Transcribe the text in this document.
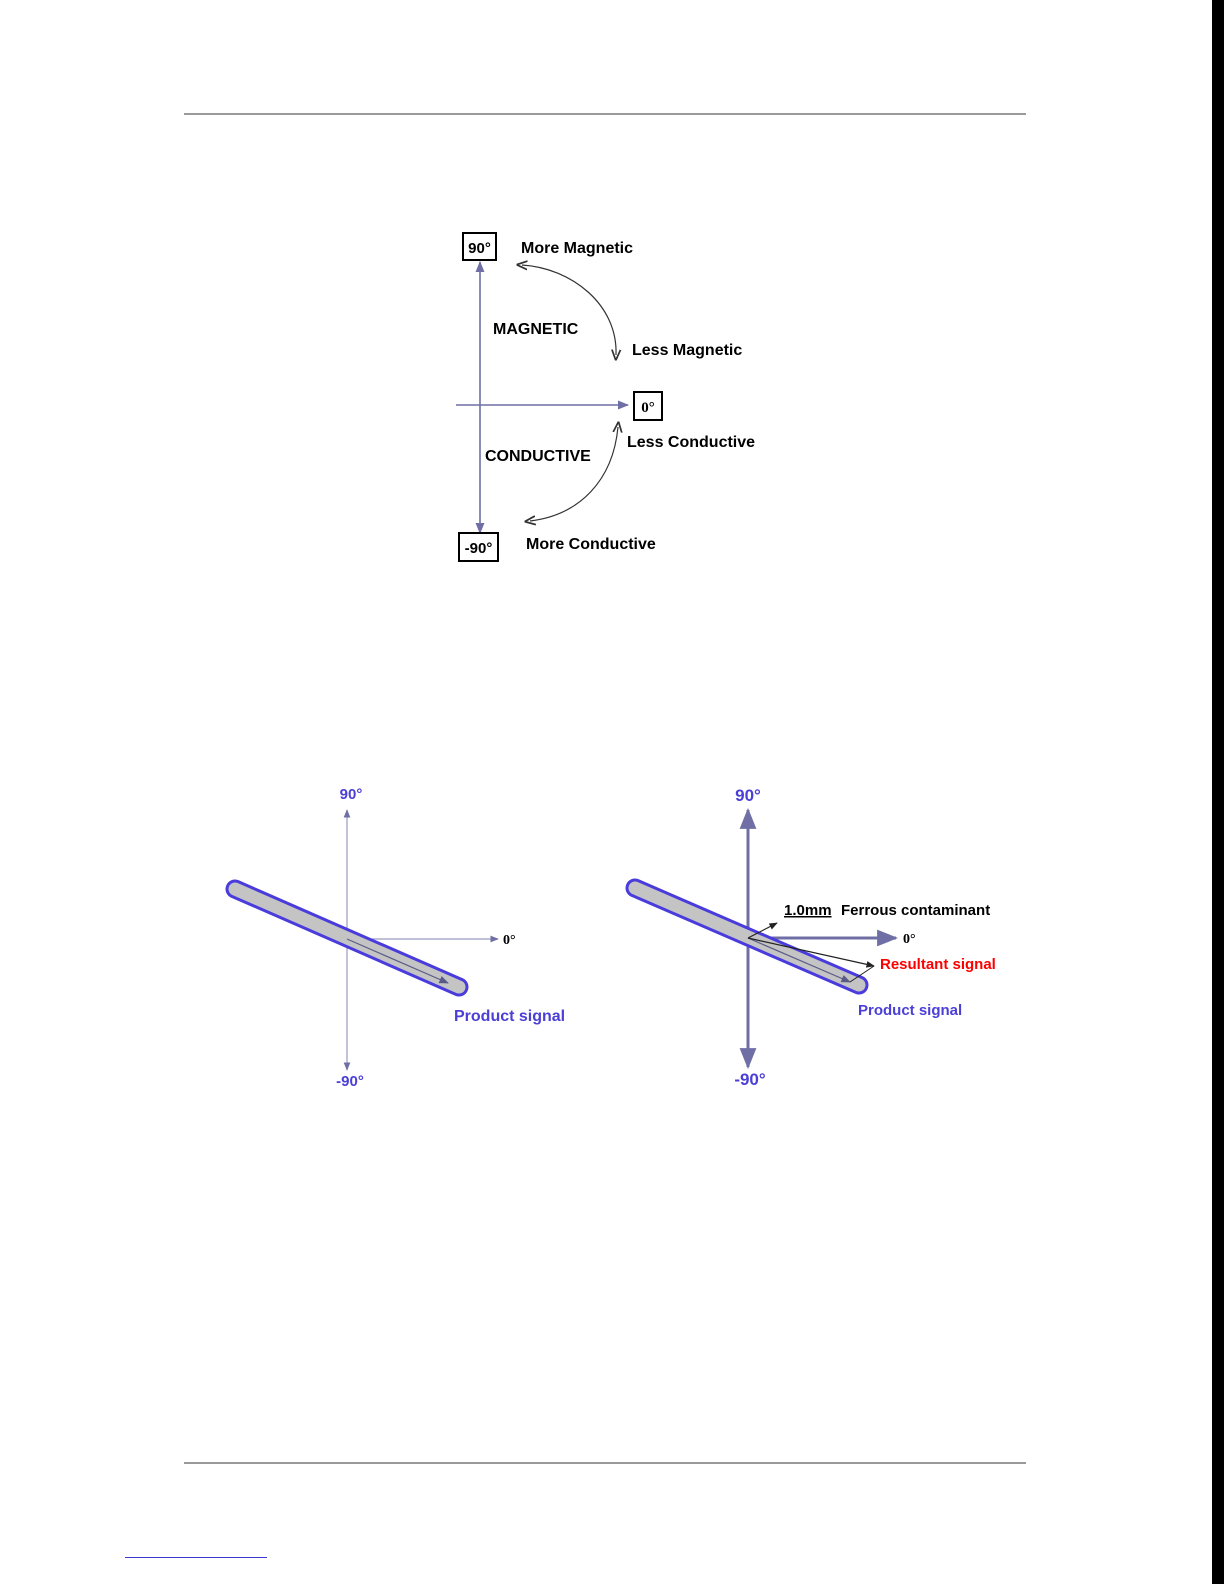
90°
0°
-90°
More Magnetic
Less Magnetic
MAGNETIC
CONDUCTIVE
Less Conductive
More Conductive
90°
0°
-90°
Product signal
90°
0°
-90°
1.0mm Ferrous contaminant
Resultant signal
Product signal
